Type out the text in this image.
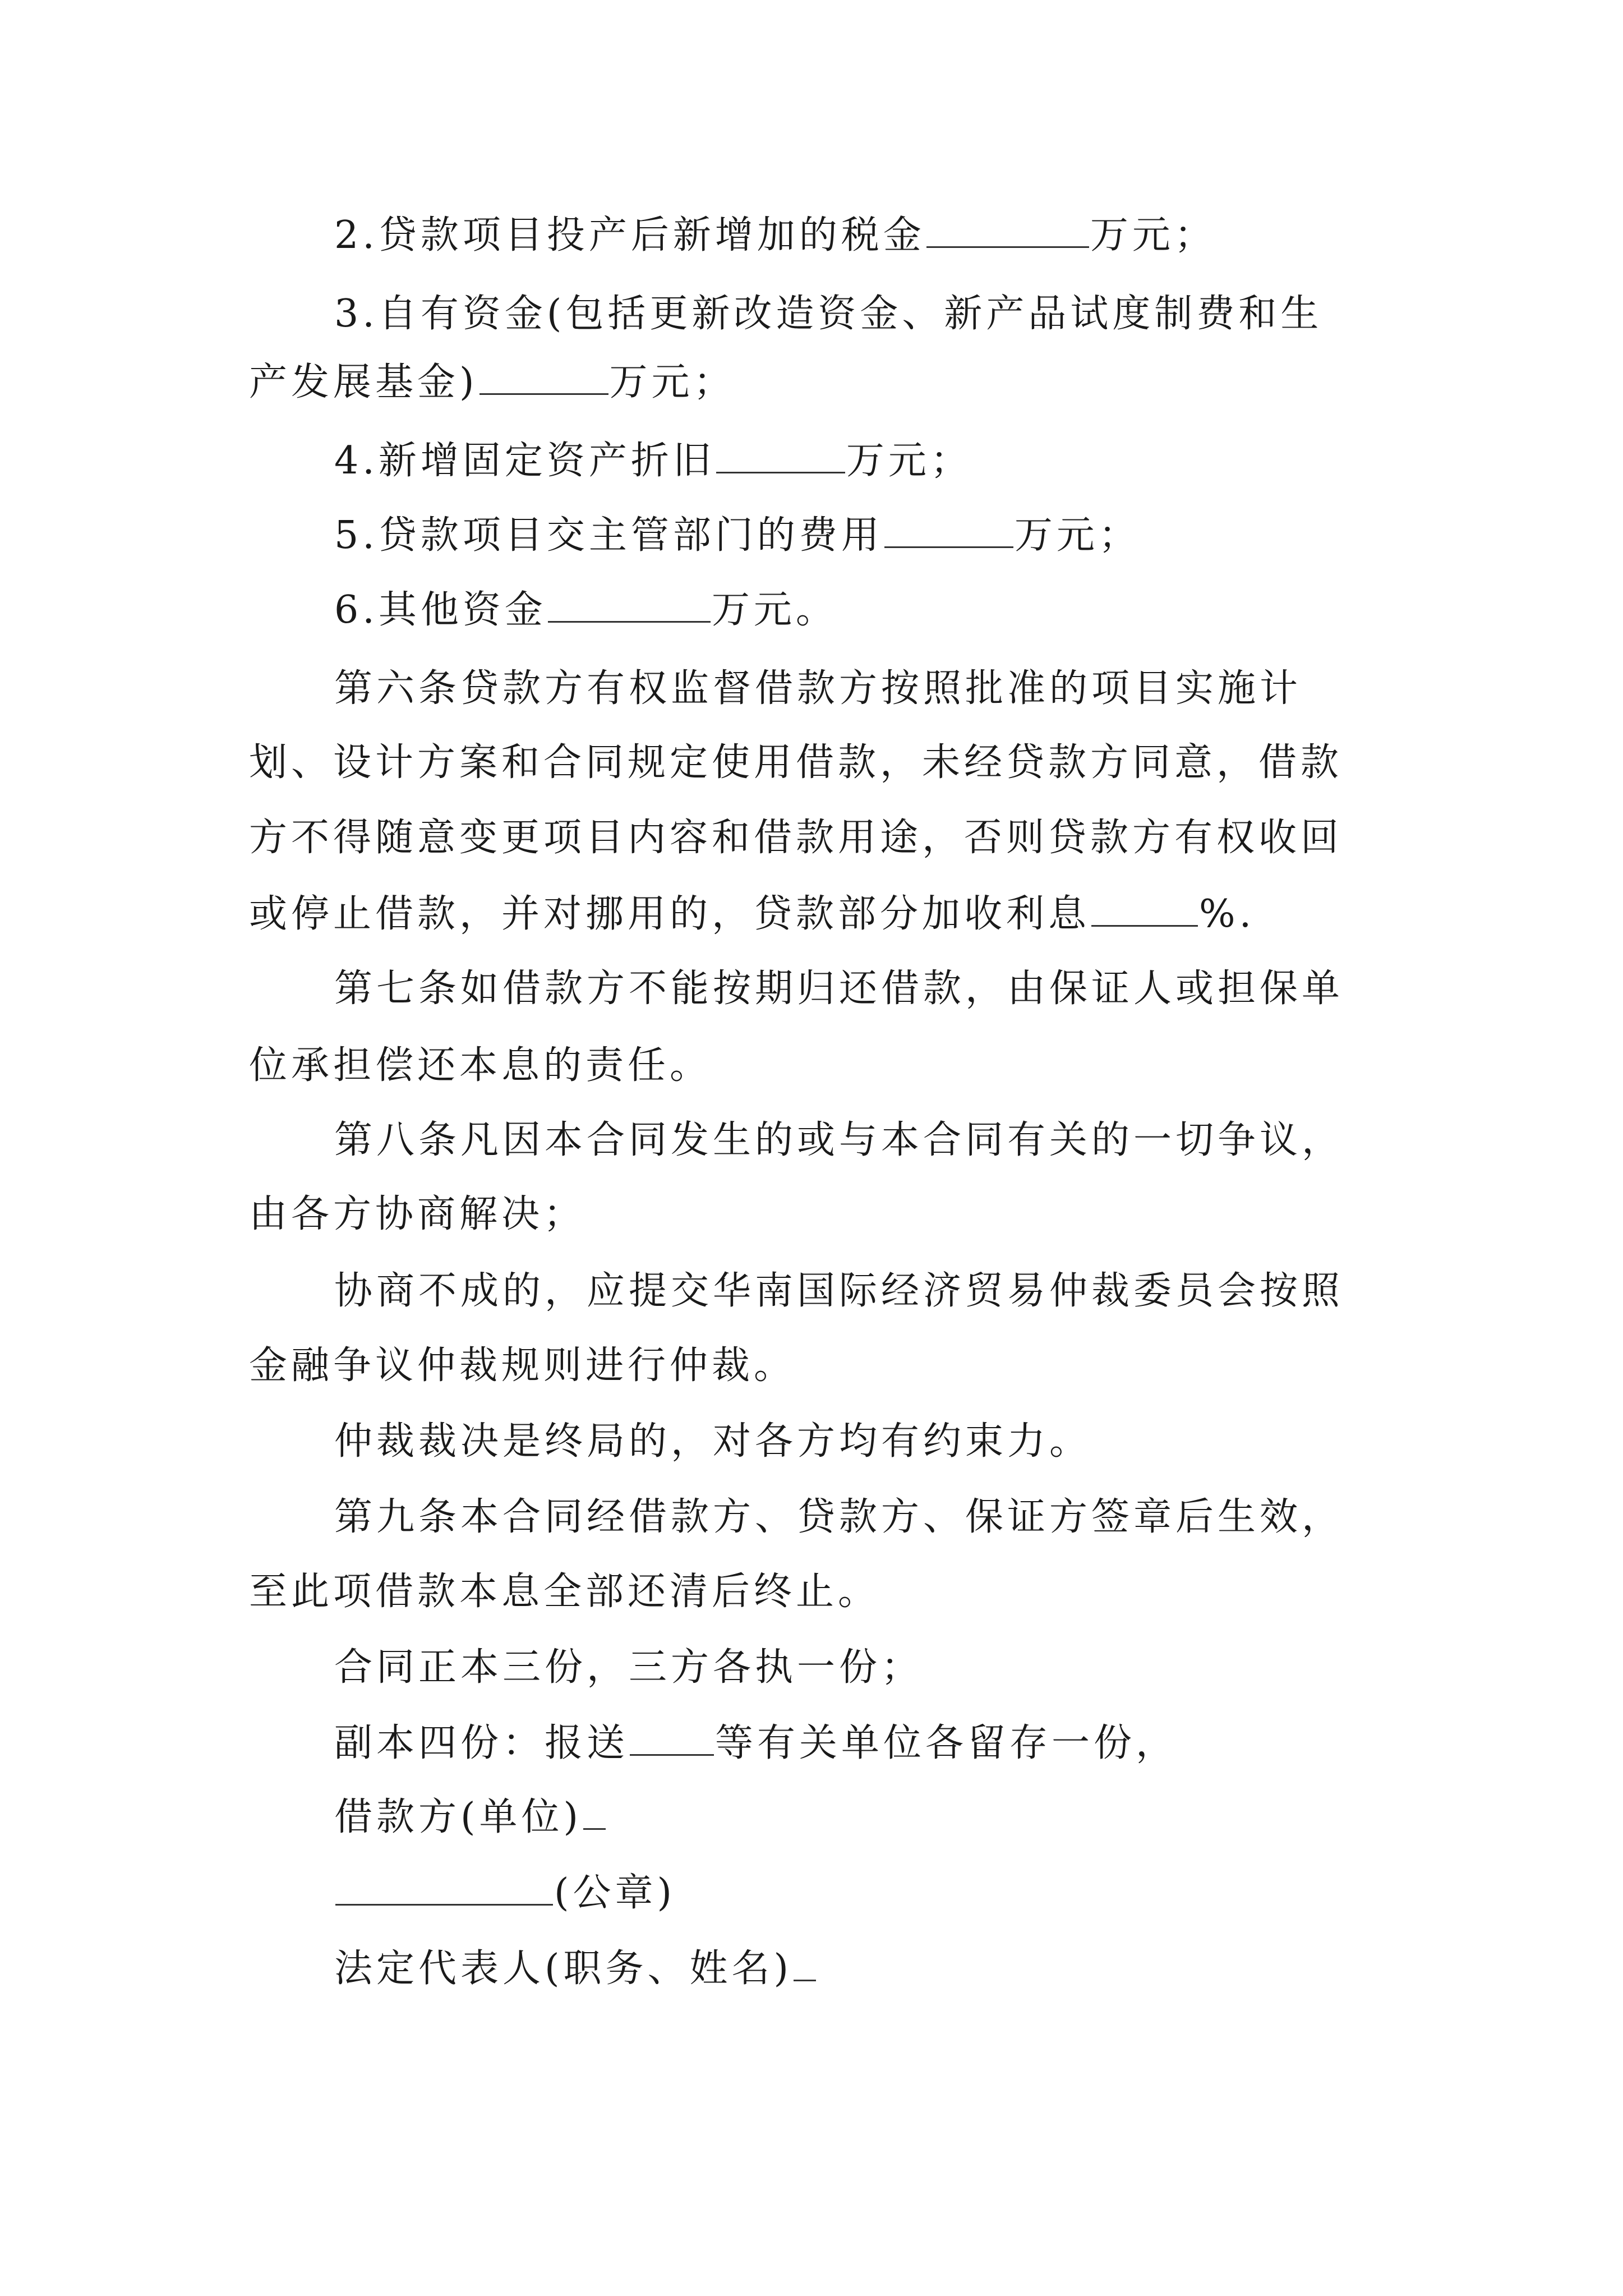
2.贷款项目投产后新增加的税金	万元；
3.自有资金(包括更新改造资金、新产品试度制费和生
产发展基金)	万元；
4.新增固定资产折旧	万元；
5.贷款项目交主管部门的费用	万元；
6.其他资金	万元。
第六条贷款方有权监督借款方按照批准的项目实施计
划、设计方案和合同规定使用借款，未经贷款方同意，借款
方不得随意变更项目内容和借款用途，否则贷款方有权收回
或停止借款，并对挪用的，贷款部分加收利息	%.
第七条如借款方不能按期归还借款，由保证人或担保单
位承担偿还本息的责任。
第八条凡因本合同发生的或与本合同有关的一切争议，
由各方协商解决；
协商不成的，应提交华南国际经济贸易仲裁委员会按照
金融争议仲裁规则进行仲裁。
仲裁裁决是终局的，对各方均有约束力。
第九条本合同经借款方、贷款方、保证方签章后生效，
至此项借款本息全部还清后终止。
合同正本三份，三方各执一份；
副本四份：报送 等有关单位各留存一份，
借款方(单位)
(公章)
法定代表人(职务、姓名)
